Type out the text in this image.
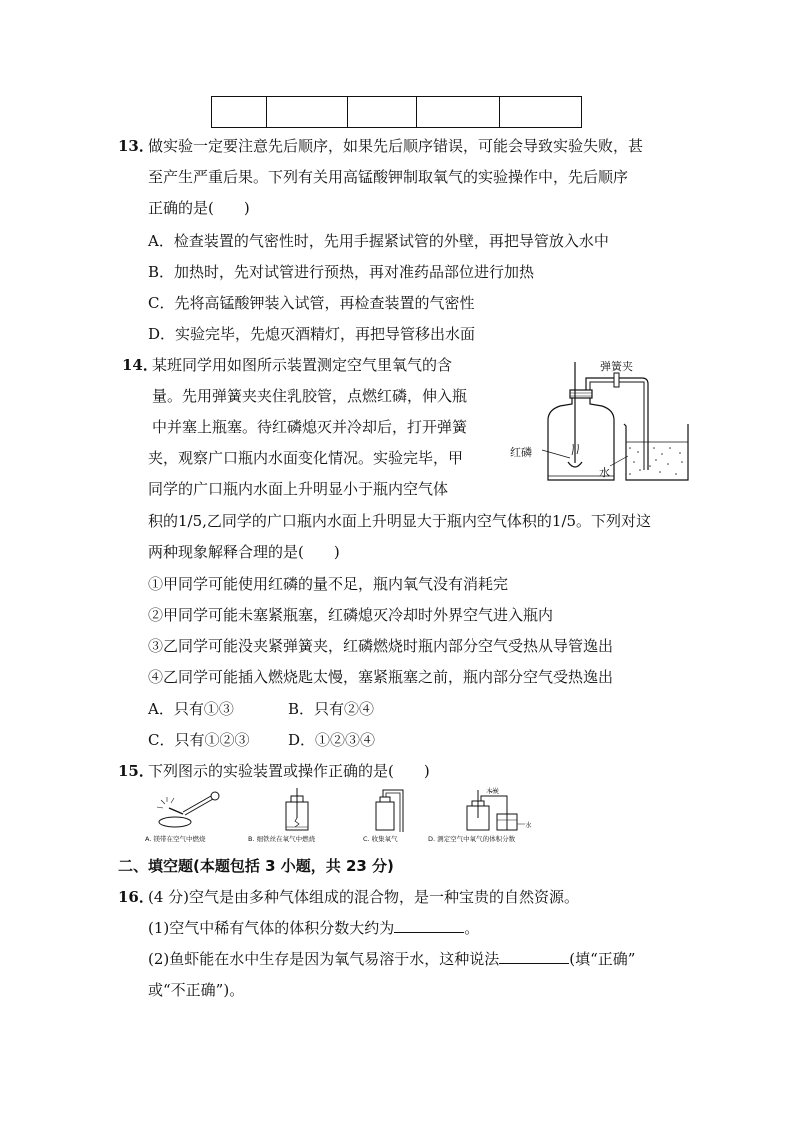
13．
做实验一定要注意先后顺序，如果先后顺序错误，可能会导致实验失败，甚
至产生严重后果。下列有关用高锰酸钾制取氧气的实验操作中，先后顺序
正确的是(　　)
A．检查装置的气密性时，先用手握紧试管的外壁，再把导管放入水中
B．加热时，先对试管进行预热，再对准药品部位进行加热
C．先将高锰酸钾装入试管，再检查装置的气密性
D．实验完毕，先熄灭酒精灯，再把导管移出水面
14．
某班同学用如图所示装置测定空气里氧气的含
量。先用弹簧夹夹住乳胶管，点燃红磷，伸入瓶
中并塞上瓶塞。待红磷熄灭并冷却后，打开弹簧
夹，观察广口瓶内水面变化情况。实验完毕，甲
同学的广口瓶内水面上升明显小于瓶内空气体
积的1/5,乙同学的广口瓶内水面上升明显大于瓶内空气体积的1/5。下列对这
两种现象解释合理的是(　　)
①甲同学可能使用红磷的量不足，瓶内氧气没有消耗完
②甲同学可能未塞紧瓶塞，红磷熄灭冷却时外界空气进入瓶内
③乙同学可能没夹紧弹簧夹，红磷燃烧时瓶内部分空气受热从导管逸出
④乙同学可能插入燃烧匙太慢，塞紧瓶塞之前，瓶内部分空气受热逸出
A．只有①③	B．只有②④
C．只有①②③	D．①②③④
弹簧夹
红磷
水
15．
下列图示的实验装置或操作正确的是(　　)
A. 镁带在空气中燃烧	B. 细铁丝在氧气中燃烧	C. 收集氧气	D. 测定空气中氧气的体积分数
木炭
水
二、填空题(本题包括 3 小题，共 23 分)
16．
(4 分)空气是由多种气体组成的混合物，是一种宝贵的自然资源。
(1)空气中稀有气体的体积分数大约为	。
(2)鱼虾能在水中生存是因为氧气易溶于水，这种说法	(填“正确”
或“不正确”)。
